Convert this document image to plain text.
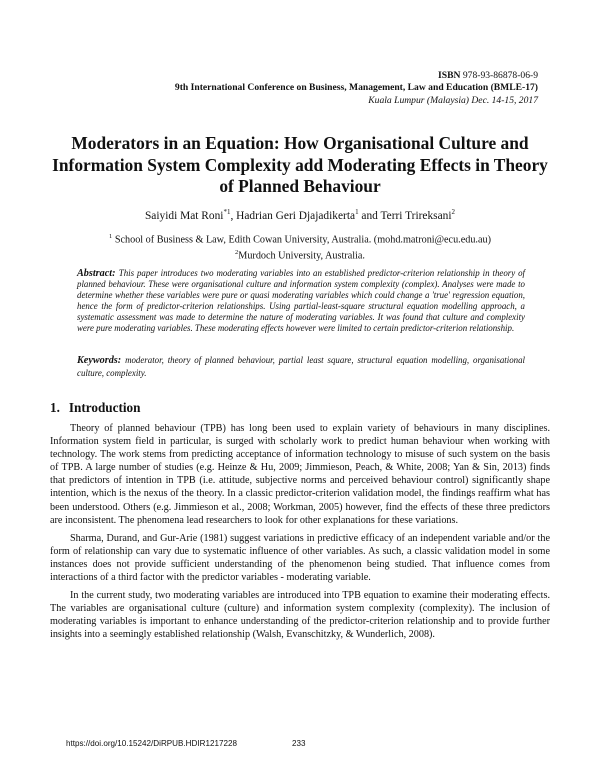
ISBN 978-93-86878-06-9
9th International Conference on Business, Management, Law and Education (BMLE-17)
Kuala Lumpur (Malaysia) Dec. 14-15, 2017
Moderators in an Equation: How Organisational Culture and Information System Complexity add Moderating Effects in Theory of Planned Behaviour
Saiyidi Mat Roni$^{*1}$, Hadrian Geri Djajadikerta$^1$ and Terri Trireksani$^2$
$^1$ School of Business & Law, Edith Cowan University, Australia. (mohd.matroni@ecu.edu.au)
$^2$Murdoch University, Australia.
Abstract: This paper introduces two moderating variables into an established predictor-criterion relationship in theory of planned behaviour. These were organisational culture and information system complexity (complex). Analyses were made to determine whether these variables were pure or quasi moderating variables which could change a 'true' regression equation, hence the form of predictor-criterion relationships. Using partial-least-square structural equation modelling approach, a systematic assessment was made to determine the nature of moderating variables. It was found that culture and complexity were pure moderating variables. These moderating effects however were limited to certain predictor-criterion relationship.
Keywords: moderator, theory of planned behaviour, partial least square, structural equation modelling, organisational culture, complexity.
1. Introduction

Theory of planned behaviour (TPB) has long been used to explain variety of behaviours in many disciplines. Information system field in particular, is surged with scholarly work to predict human behaviour when working with technology. The work stems from predicting acceptance of information technology to misuse of such system on the basis of TPB. A large number of studies (e.g. Heinze & Hu, 2009; Jimmieson, Peach, & White, 2008; Yan & Sin, 2013) finds that predictors of intention in TPB (i.e. attitude, subjective norms and perceived behaviour control) significantly shape intention, which is the nexus of the theory. In a classic predictor-criterion validation model, the findings reaffirm what has been understood. Others (e.g. Jimmieson et al., 2008; Workman, 2005) however, find the effects of these three predictors are inconsistent. The phenomena lead researchers to look for other explanations for these variations.

Sharma, Durand, and Gur-Arie (1981) suggest variations in predictive efficacy of an independent variable and/or the form of relationship can vary due to systematic influence of other variables. As such, a classic validation model in some instances does not provide sufficient understanding of the phenomenon being studied. That influence comes from interactions of a third factor with the predictor variables - moderating variable.

In the current study, two moderating variables are introduced into TPB equation to examine their moderating effects. The variables are organisational culture (culture) and information system complexity (complexity). The inclusion of moderating variables is important to enhance understanding of the predictor-criterion relationship and to provide further insights into a seemingly established relationship (Walsh, Evanschitzky, & Wunderlich, 2008).

https://doi.org/10.15242/DiRPUB.HDIR1217228	233
